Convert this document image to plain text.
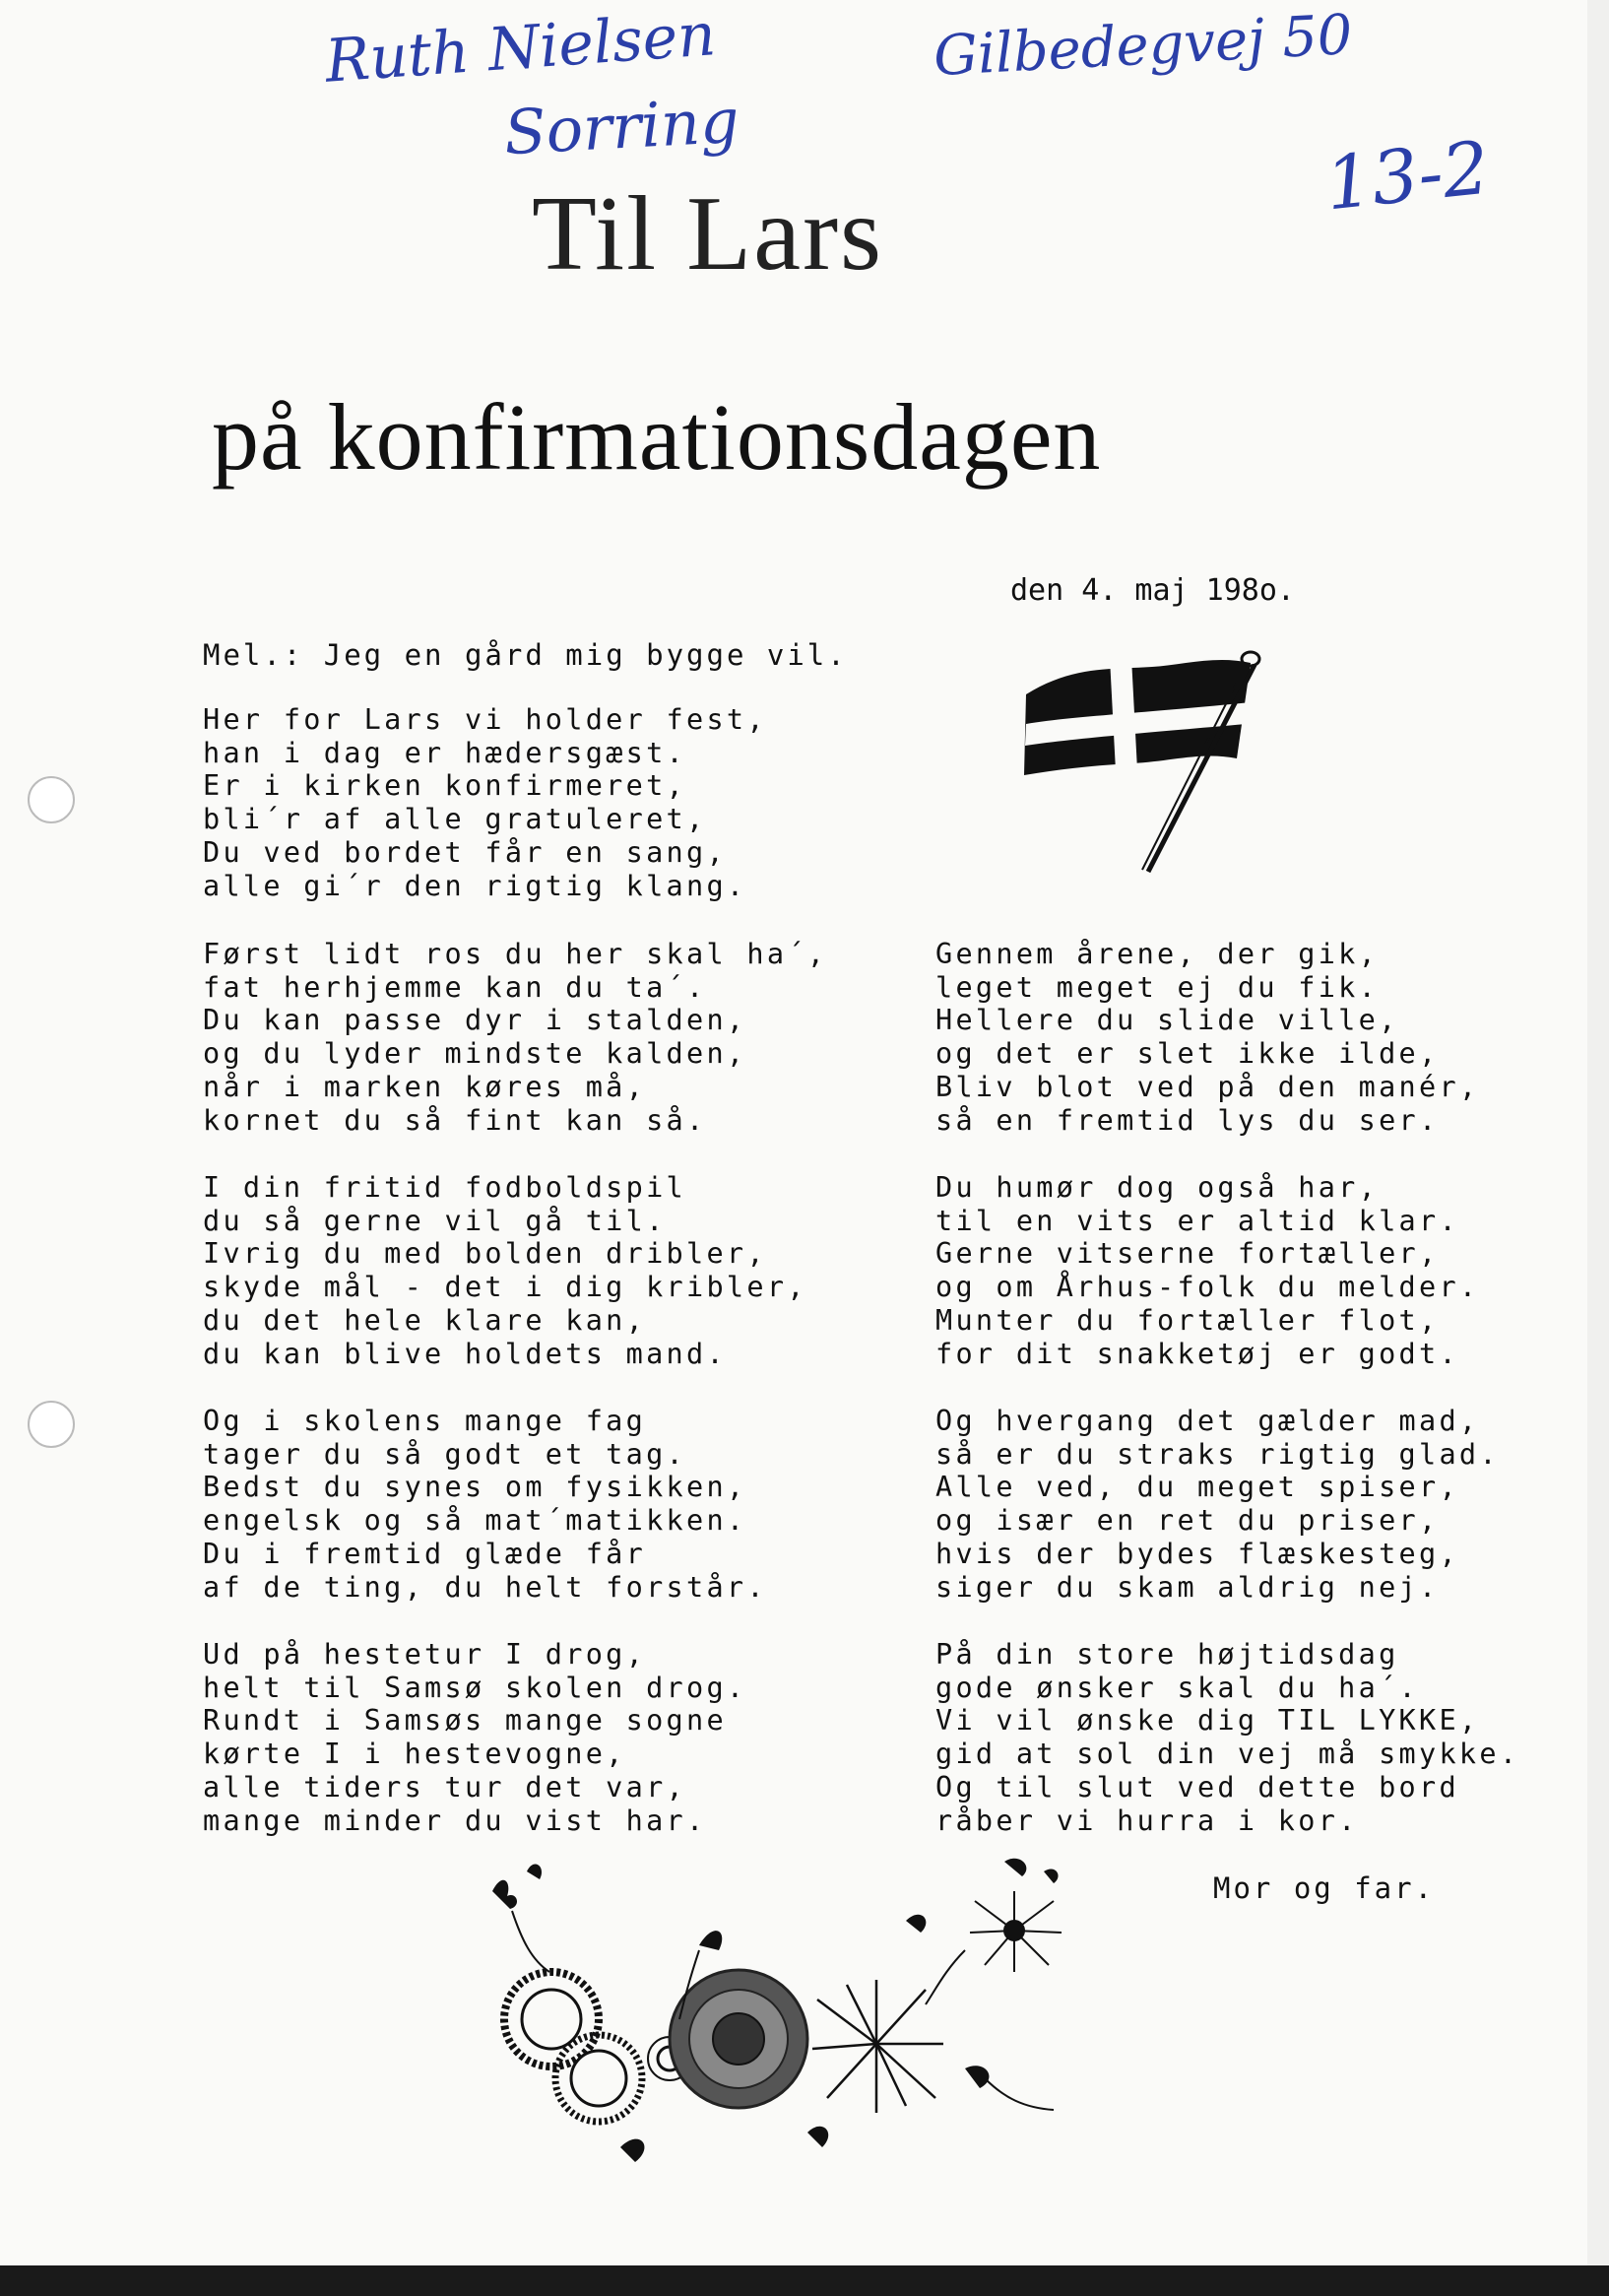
Ruth Nielsen
Sorring
Gilbedegvej 50
13-2
Til Lars
på konfirmationsdagen
den 4. maj 198o.
Mel.: Jeg en gård mig bygge vil.
Her for Lars vi holder fest,
han i dag er hædersgæst.
Er i kirken konfirmeret,
bli´r af alle gratuleret,
Du ved bordet får en sang,
alle gi´r den rigtig klang.
Først lidt ros du her skal ha´,
fat herhjemme kan du ta´.
Du kan passe dyr i stalden,
og du lyder mindste kalden,
når i marken køres må,
kornet du så fint kan så.
I din fritid fodboldspil
du så gerne vil gå til.
Ivrig du med bolden dribler,
skyde mål - det i dig kribler,
du det hele klare kan,
du kan blive holdets mand.
Og i skolens mange fag
tager du så godt et tag.
Bedst du synes om fysikken,
engelsk og så mat´matikken.
Du i fremtid glæde får
af de ting, du helt forstår.
Ud på hestetur I drog,
helt til Samsø skolen drog.
Rundt i Samsøs mange sogne
kørte I i hestevogne,
alle tiders tur det var,
mange minder du vist har.
Gennem årene, der gik,
leget meget ej du fik.
Hellere du slide ville,
og det er slet ikke ilde,
Bliv blot ved på den manér,
så en fremtid lys du ser.
Du humør dog også har,
til en vits er altid klar.
Gerne vitserne fortæller,
og om Århus-folk du melder.
Munter du fortæller flot,
for dit snakketøj er godt.
Og hvergang det gælder mad,
så er du straks rigtig glad.
Alle ved, du meget spiser,
og især en ret du priser,
hvis der bydes flæskesteg,
siger du skam aldrig nej.
På din store højtidsdag
gode ønsker skal du ha´.
Vi vil ønske dig TIL LYKKE,
gid at sol din vej må smykke.
Og til slut ved dette bord
råber vi hurra i kor.
Mor og far.
